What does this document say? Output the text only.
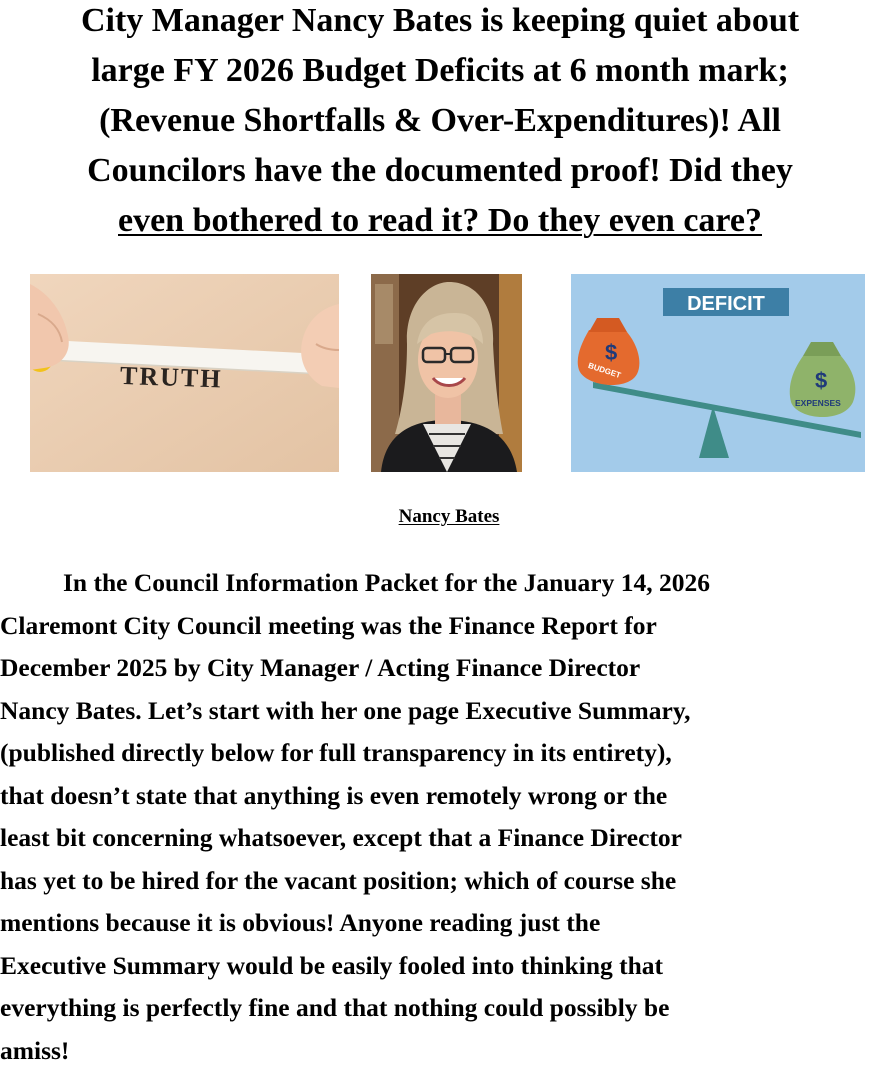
City Manager Nancy Bates is keeping quiet about
large FY 2026 Budget Deficits at 6 month mark;
(Revenue Shortfalls & Over-Expenditures)! All
Councilors have the documented proof! Did they
even bothered to read it? Do they even care?
TRUTH
DEFICIT
$
BUDGET	$
EXPENSES
Nancy Bates

In the Council Information Packet for the January 14, 2026
Claremont City Council meeting was the Finance Report for
December 2025 by City Manager / Acting Finance Director
Nancy Bates. Let’s start with her one page Executive Summary,
(published directly below for full transparency in its entirety),
that doesn’t state that anything is even remotely wrong or the
least bit concerning whatsoever, except that a Finance Director
has yet to be hired for the vacant position; which of course she
mentions because it is obvious! Anyone reading just the
Executive Summary would be easily fooled into thinking that
everything is perfectly fine and that nothing could possibly be
amiss!
